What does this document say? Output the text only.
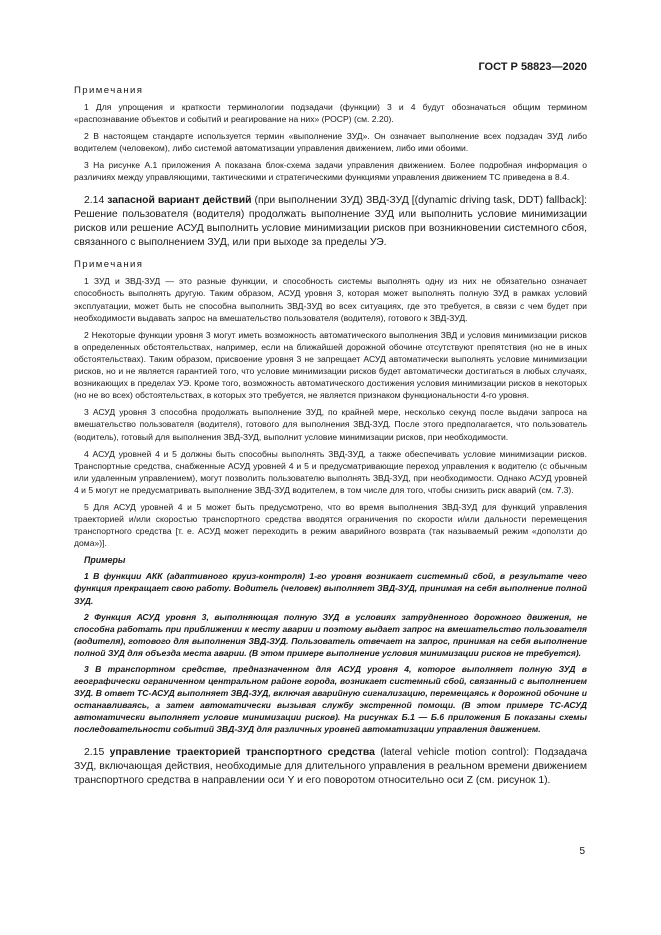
ГОСТ Р 58823—2020
Примечания

1 Для упрощения и краткости терминологии подзадачи (функции) 3 и 4 будут обозначаться общим термином «распознавание объектов и событий и реагирование на них» (РОСР) (см. 2.20).

2 В настоящем стандарте используется термин «выполнение ЗУД». Он означает выполнение всех подзадач ЗУД либо водителем (человеком), либо системой автоматизации управления движением, либо ими обоими.

3 На рисунке А.1 приложения А показана блок-схема задачи управления движением. Более подробная информация о различиях между управляющими, тактическими и стратегическими функциями управления движением ТС приведена в 8.4.

2.14 запасной вариант действий (при выполнении ЗУД) ЗВД-ЗУД [(dynamic driving task, DDT) fallback]: Решение пользователя (водителя) продолжать выполнение ЗУД или выполнить условие минимизации рисков или решение АСУД выполнить условие минимизации рисков при возникновении системного сбоя, связанного с выполнением ЗУД, или при выходе за пределы УЭ.

Примечания

1 ЗУД и ЗВД-ЗУД — это разные функции, и способность системы выполнять одну из них не обязательно означает способность выполнять другую. Таким образом, АСУД уровня 3, которая может выполнять полную ЗУД в рамках условий эксплуатации, может быть не способна выполнить ЗВД-ЗУД во всех ситуациях, где это требуется, в связи с чем будет при необходимости выдавать запрос на вмешательство пользователя (водителя), готового к ЗВД-ЗУД.

2 Некоторые функции уровня 3 могут иметь возможность автоматического выполнения ЗВД и условия минимизации рисков в определенных обстоятельствах, например, если на ближайшей дорожной обочине отсутствуют препятствия (но не в иных обстоятельствах). Таким образом, присвоение уровня 3 не запрещает АСУД автоматически выполнять условие минимизации рисков, но и не является гарантией того, что условие минимизации рисков будет автоматически достигаться в любых случаях, возникающих в пределах УЭ. Кроме того, возможность автоматического достижения условия минимизации рисков в некоторых (но не во всех) обстоятельствах, в которых это требуется, не является признаком функциональности 4-го уровня.

3 АСУД уровня 3 способна продолжать выполнение ЗУД, по крайней мере, несколько секунд после выдачи запроса на вмешательство пользователя (водителя), готового для выполнения ЗВД-ЗУД. После этого предполагается, что пользователь (водитель), готовый для выполнения ЗВД-ЗУД, выполнит условие минимизации рисков, при необходимости.

4 АСУД уровней 4 и 5 должны быть способны выполнять ЗВД-ЗУД, а также обеспечивать условие минимизации рисков. Транспортные средства, снабженные АСУД уровней 4 и 5 и предусматривающие переход управления к водителю (с обычным или удаленным управлением), могут позволить пользователю выполнять ЗВД-ЗУД, при необходимости. Однако АСУД уровней 4 и 5 могут не предусматривать выполнение ЗВД-ЗУД водителем, в том числе для того, чтобы снизить риск аварий (см. 7.3).

5 Для АСУД уровней 4 и 5 может быть предусмотрено, что во время выполнения ЗВД-ЗУД для функций управления траекторией и/или скоростью транспортного средства вводятся ограничения по скорости и/или дальности перемещения транспортного средства [т. е. АСУД может переходить в режим аварийного возврата (так называемый режим «доползти до дома»)].

Примеры

1 В функции АКК (адаптивного круиз-контроля) 1-го уровня возникает системный сбой, в результате чего функция прекращает свою работу. Водитель (человек) выполняет ЗВД-ЗУД, принимая на себя выполнение полной ЗУД.

2 Функция АСУД уровня 3, выполняющая полную ЗУД в условиях затрудненного дорожного движения, не способна работать при приближении к месту аварии и поэтому выдает запрос на вмешательство пользователя (водителя), готового для выполнения ЗВД-ЗУД. Пользователь отвечает на запрос, принимая на себя выполнение полной ЗУД для объезда места аварии. (В этом примере выполнение условия минимизации рисков не требуется).

3 В транспортном средстве, предназначенном для АСУД уровня 4, которое выполняет полную ЗУД в географически ограниченном центральном районе города, возникает системный сбой, связанный с выполнением ЗУД. В ответ ТС-АСУД выполняет ЗВД-ЗУД, включая аварийную сигнализацию, перемещаясь к дорожной обочине и останавливаясь, а затем автоматически вызывая службу экстренной помощи. (В этом примере ТС-АСУД автоматически выполняет условие минимизации рисков). На рисунках Б.1 — Б.6 приложения Б показаны схемы последовательности событий ЗВД-ЗУД для различных уровней автоматизации управления движением.

2.15 управление траекторией транспортного средства (lateral vehicle motion control): Подзадача ЗУД, включающая действия, необходимые для длительного управления в реальном времени движением транспортного средства в направлении оси Y и его поворотом относительно оси Z (см. рисунок 1).

5
